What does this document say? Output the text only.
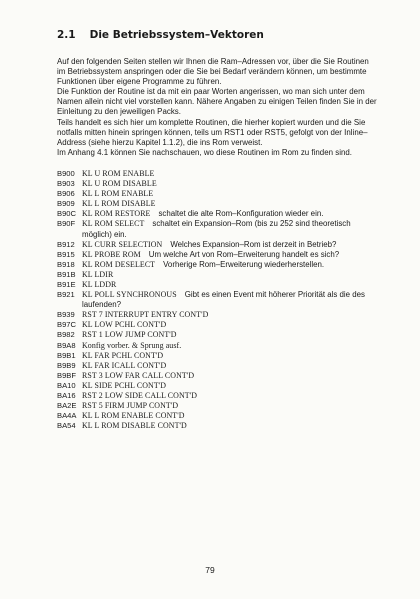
2.1 Die Betriebssystem–Vektoren

Auf den folgenden Seiten stellen wir Ihnen die Ram–Adressen vor, über die Sie Routinen im Betriebssystem anspringen oder die Sie bei Bedarf verändern können, um bestimmte Funktionen über eigene Programme zu führen.

Die Funktion der Routine ist da mit ein paar Worten angerissen, wo man sich unter dem Namen allein nicht viel vorstellen kann. Nähere Angaben zu einigen Teilen finden Sie in der Einleitung zu den jeweiligen Packs.

Teils handelt es sich hier um komplette Routinen, die hierher kopiert wurden und die Sie notfalls mitten hinein springen können, teils um RST1 oder RST5, gefolgt von der Inline–Address (siehe hierzu Kapitel 1.1.2), die ins Rom verweist.

Im Anhang 4.1 können Sie nachschauen, wo diese Routinen im Rom zu finden sind.

B900 KL U ROM ENABLE
B903 KL U ROM DISABLE
B906 KL L ROM ENABLE
B909 KL L ROM DISABLE
B90C KL ROM RESTORE schaltet die alte Rom–Konfiguration wieder ein.
B90F KL ROM SELECT schaltet ein Expansion–Rom (bis zu 252 sind theoretisch möglich) ein.
B912 KL CURR SELECTION Welches Expansion–Rom ist derzeit in Betrieb?
B915 KL PROBE ROM Um welche Art von Rom–Erweiterung handelt es sich?
B918 KL ROM DESELECT Vorherige Rom–Erweiterung wiederherstellen.
B91B KL LDIR
B91E KL LDDR
B921 KL POLL SYNCHRONOUS Gibt es einen Event mit höherer Priorität als die des laufenden?
B939 RST 7 INTERRUPT ENTRY CONT'D
B97C KL LOW PCHL CONT'D
B982 RST 1 LOW JUMP CONT'D
B9A8 Konfig vorber. & Sprung ausf.
B9B1 KL FAR PCHL CONT'D
B9B9 KL FAR ICALL CONT'D
B9BF RST 3 LOW FAR CALL CONT'D
BA10 KL SIDE PCHL CONT'D
BA16 RST 2 LOW SIDE CALL CONT'D
BA2E RST 5 FIRM JUMP CONT'D
BA4A KL L ROM ENABLE CONT'D
BA54 KL L ROM DISABLE CONT'D
79
